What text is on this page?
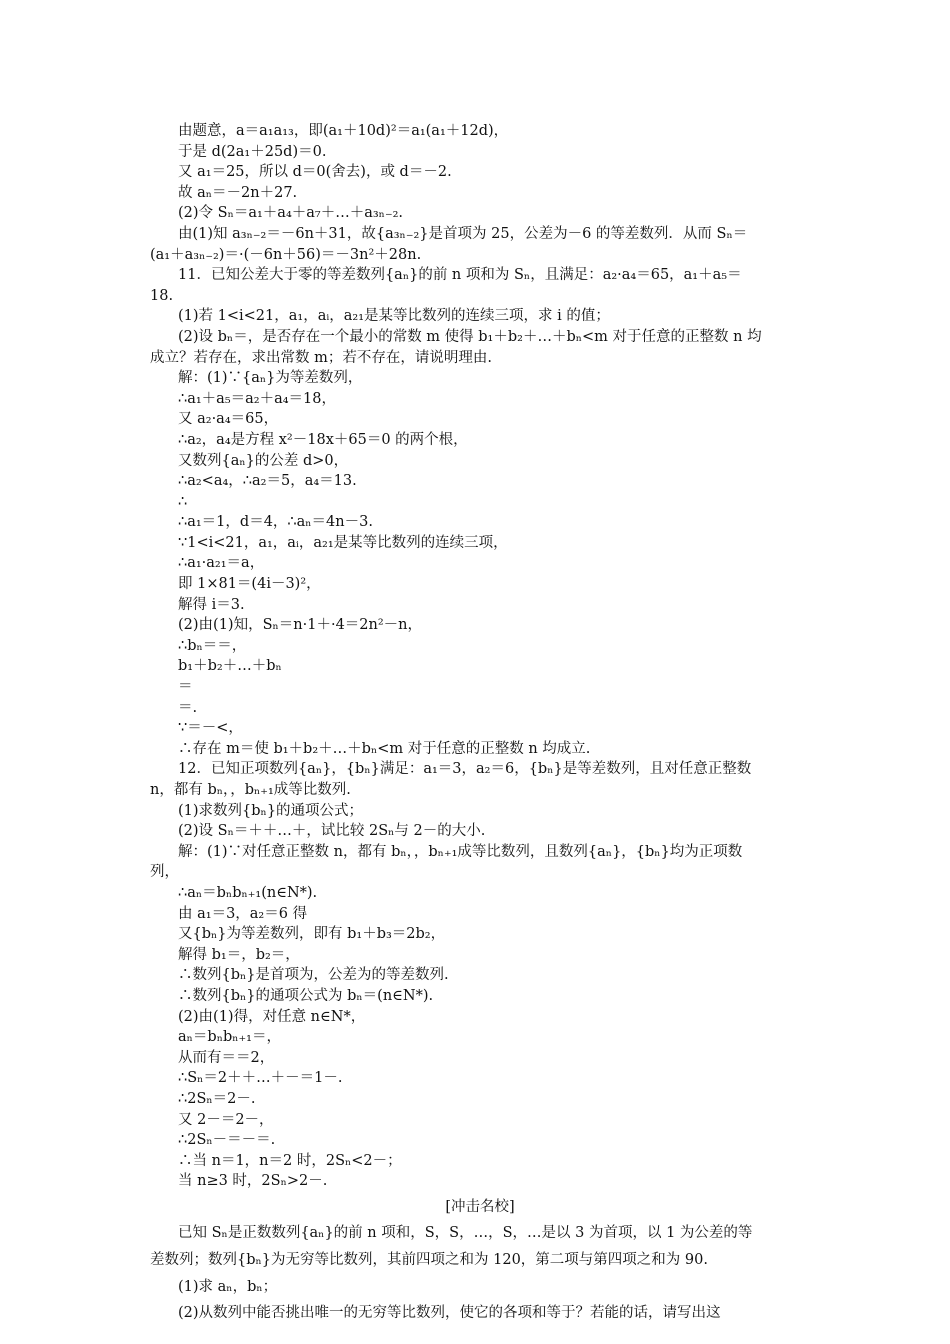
由题意，a＝a₁a₁₃，即(a₁＋10d)²＝a₁(a₁＋12d)，
于是 d(2a₁＋25d)＝0.
又 a₁＝25，所以 d＝0(舍去)，或 d＝－2.
故 aₙ＝－2n＋27.
(2)令 Sₙ＝a₁＋a₄＋a₇＋…＋a₃ₙ₋₂.
由(1)知 a₃ₙ₋₂＝－6n＋31，故{a₃ₙ₋₂}是首项为 25，公差为－6 的等差数列．从而 Sₙ＝
(a₁＋a₃ₙ₋₂)＝·(－6n＋56)＝－3n²＋28n.
11．已知公差大于零的等差数列{aₙ}的前 n 项和为 Sₙ，且满足：a₂·a₄＝65，a₁＋a₅＝
18.
(1)若 1<i<21，a₁，aᵢ，a₂₁是某等比数列的连续三项，求 i 的值；
(2)设 bₙ＝，是否存在一个最小的常数 m 使得 b₁＋b₂＋…＋bₙ<m 对于任意的正整数 n 均
成立？若存在，求出常数 m；若不存在，请说明理由.
解：(1)∵{aₙ}为等差数列，
∴a₁＋a₅＝a₂＋a₄＝18，
又 a₂·a₄＝65，
∴a₂，a₄是方程 x²－18x＋65＝0 的两个根，
又数列{aₙ}的公差 d>0，
∴a₂<a₄，∴a₂＝5，a₄＝13.
∴
∴a₁＝1，d＝4，∴aₙ＝4n－3.
∵1<i<21，a₁，aᵢ，a₂₁是某等比数列的连续三项，
∴a₁·a₂₁＝a，
即 1×81＝(4i－3)²，
解得 i＝3.
(2)由(1)知，Sₙ＝n·1＋·4＝2n²－n，
∴bₙ＝＝，
b₁＋b₂＋…＋bₙ
＝
＝.
∵＝－<，
∴存在 m＝使 b₁＋b₂＋…＋bₙ<m 对于任意的正整数 n 均成立.
12．已知正项数列{aₙ}，{bₙ}满足：a₁＝3，a₂＝6，{bₙ}是等差数列，且对任意正整数
n，都有 bₙ，，bₙ₊₁成等比数列.
(1)求数列{bₙ}的通项公式；
(2)设 Sₙ＝＋＋…＋，试比较 2Sₙ与 2－的大小.
解：(1)∵对任意正整数 n，都有 bₙ，，bₙ₊₁成等比数列，且数列{aₙ}，{bₙ}均为正项数
列，
∴aₙ＝bₙbₙ₊₁(n∈N*).
由 a₁＝3，a₂＝6 得
又{bₙ}为等差数列，即有 b₁＋b₃＝2b₂，
解得 b₁＝，b₂＝，
∴数列{bₙ}是首项为，公差为的等差数列.
∴数列{bₙ}的通项公式为 bₙ＝(n∈N*).
(2)由(1)得，对任意 n∈N*，
aₙ＝bₙbₙ₊₁＝，
从而有＝＝2，
∴Sₙ＝2＋＋…＋－＝1－.
∴2Sₙ＝2－.
又 2－＝2－，
∴2Sₙ－＝－＝.
∴当 n＝1，n＝2 时，2Sₙ<2－；
当 n≥3 时，2Sₙ>2－.
[冲击名校]
已知 Sₙ是正数数列{aₙ}的前 n 项和，S，S，…，S，…是以 3 为首项，以 1 为公差的等
差数列；数列{bₙ}为无穷等比数列，其前四项之和为 120，第二项与第四项之和为 90.
(1)求 aₙ，bₙ；
(2)从数列中能否挑出唯一的无穷等比数列，使它的各项和等于？若能的话，请写出这
